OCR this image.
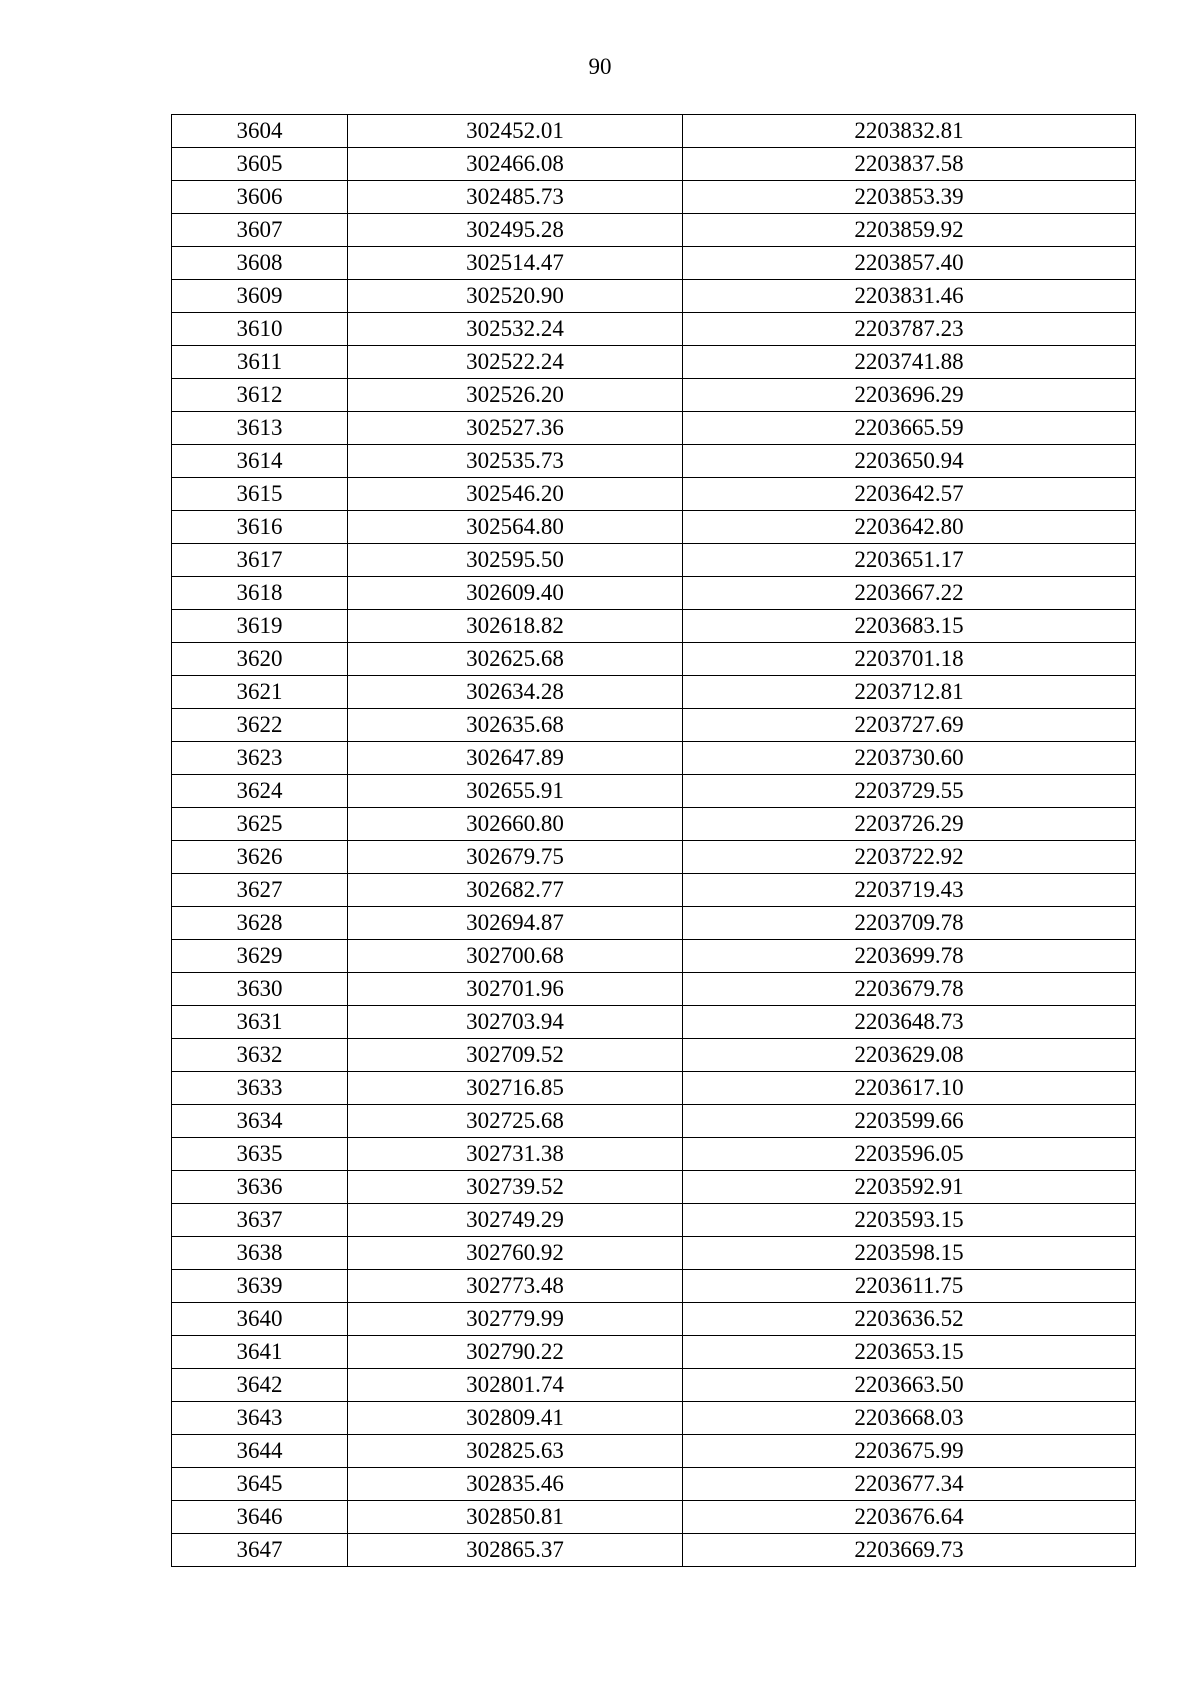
90
3604	302452.01	2203832.81
3605	302466.08	2203837.58
3606	302485.73	2203853.39
3607	302495.28	2203859.92
3608	302514.47	2203857.40
3609	302520.90	2203831.46
3610	302532.24	2203787.23
3611	302522.24	2203741.88
3612	302526.20	2203696.29
3613	302527.36	2203665.59
3614	302535.73	2203650.94
3615	302546.20	2203642.57
3616	302564.80	2203642.80
3617	302595.50	2203651.17
3618	302609.40	2203667.22
3619	302618.82	2203683.15
3620	302625.68	2203701.18
3621	302634.28	2203712.81
3622	302635.68	2203727.69
3623	302647.89	2203730.60
3624	302655.91	2203729.55
3625	302660.80	2203726.29
3626	302679.75	2203722.92
3627	302682.77	2203719.43
3628	302694.87	2203709.78
3629	302700.68	2203699.78
3630	302701.96	2203679.78
3631	302703.94	2203648.73
3632	302709.52	2203629.08
3633	302716.85	2203617.10
3634	302725.68	2203599.66
3635	302731.38	2203596.05
3636	302739.52	2203592.91
3637	302749.29	2203593.15
3638	302760.92	2203598.15
3639	302773.48	2203611.75
3640	302779.99	2203636.52
3641	302790.22	2203653.15
3642	302801.74	2203663.50
3643	302809.41	2203668.03
3644	302825.63	2203675.99
3645	302835.46	2203677.34
3646	302850.81	2203676.64
3647	302865.37	2203669.73
